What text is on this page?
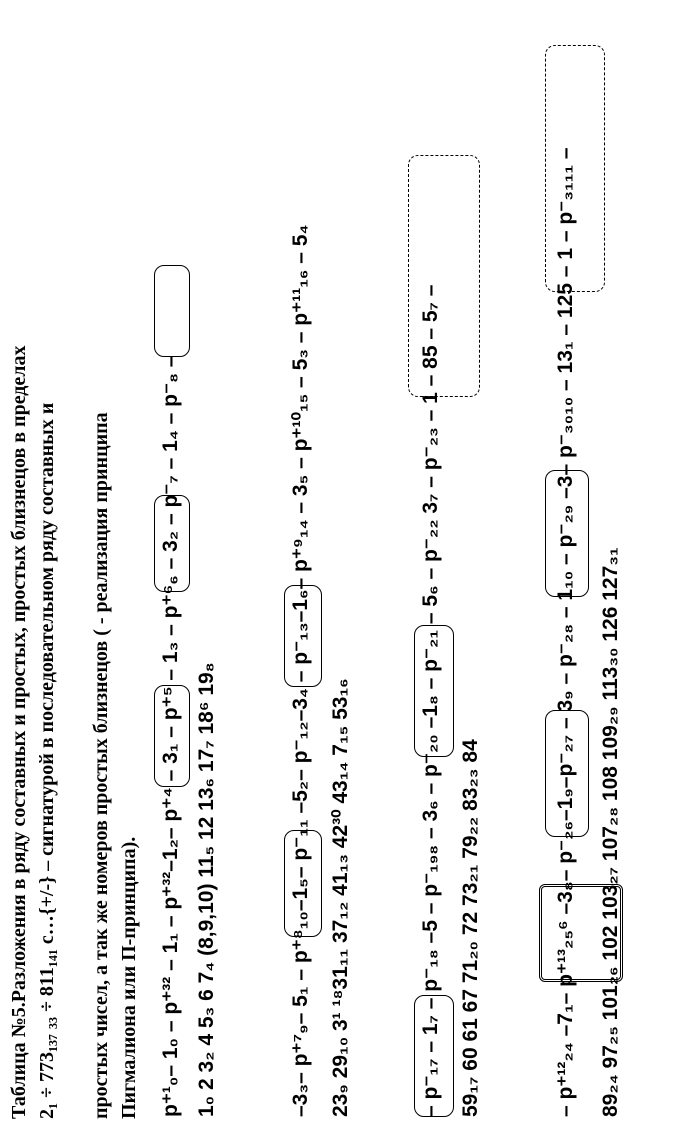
Таблица №5.Разложения в ряду составных и простых, простых близнецов в пределах 2₁ ÷ 773₁₃₇ ₃₃ ÷ 811₁₄₁ с…{+/-} – сигнатурой в последовательном ряду составных и простых чисел, а так же номеров простых близнецов ( - реализация принципа Пигмалиона или П-принципа). p⁺¹₀– 1₀ – p⁺³² – 1₁ – p⁺³²–1₂– p⁺⁴ – 3₁ – p⁺⁵ – 1₃ – p⁺⁶₆ – 3₂ – p⁻₇ – 1₄ – p⁻₈ – 1₀ 2 3₂ 4 5₃ 6 7₄ (8,9,10) 11₅ 12 13₆ 17₇ 18⁶ 19₈	–3₃– p⁺⁷₉– 5₁ – p⁺⁸₁₀–1₅– p⁻₁₁ –5₂– p⁻₁₂–3₄ – p⁻₁₃–1₆– p⁺⁹₁₄ – 3₅ – p⁺¹⁰₁₅ – 5₃ – p⁺¹¹₁₆ – 5₄ 23₉ 29₁₀ 3¹ ¹⁸31₁₁ 37₁₂ 41₁₃ 42³⁰ 43₁₄ 7₁₅ 53₁₆	– p⁻₁₇ – 1₇ – p⁻₁₈ –5 – p⁻₁₉₈ – 3₆ – p⁻₂₀ –1₈ – p⁻₂₁ – 5₆ – p⁻₂₂ 3₇ – p⁻₂₃ – 1 – 85 – 5₇ – 59₁₇ 60 61 67 71₂₀ 72 73₂₁ 79₂₂ 83₂₃ 84	– p⁺¹²₂₄ –7₁– p⁺¹³₂₅⁶ –3₈– p⁻₂₆–1₉–p⁻₂₇ – 3₉ – p⁻₂₈ – 1₁₀ – p⁻₂₉ –3– p⁻₃₀₁₀ – 13₁ – 125 – 1 – p⁻₃₁₁₁ – 89₂₄ 97₂₅ 101₂₆ 102 103₂₇ 107₂₈ 108 109₂₉ 113₃₀ 126 127₃₁
